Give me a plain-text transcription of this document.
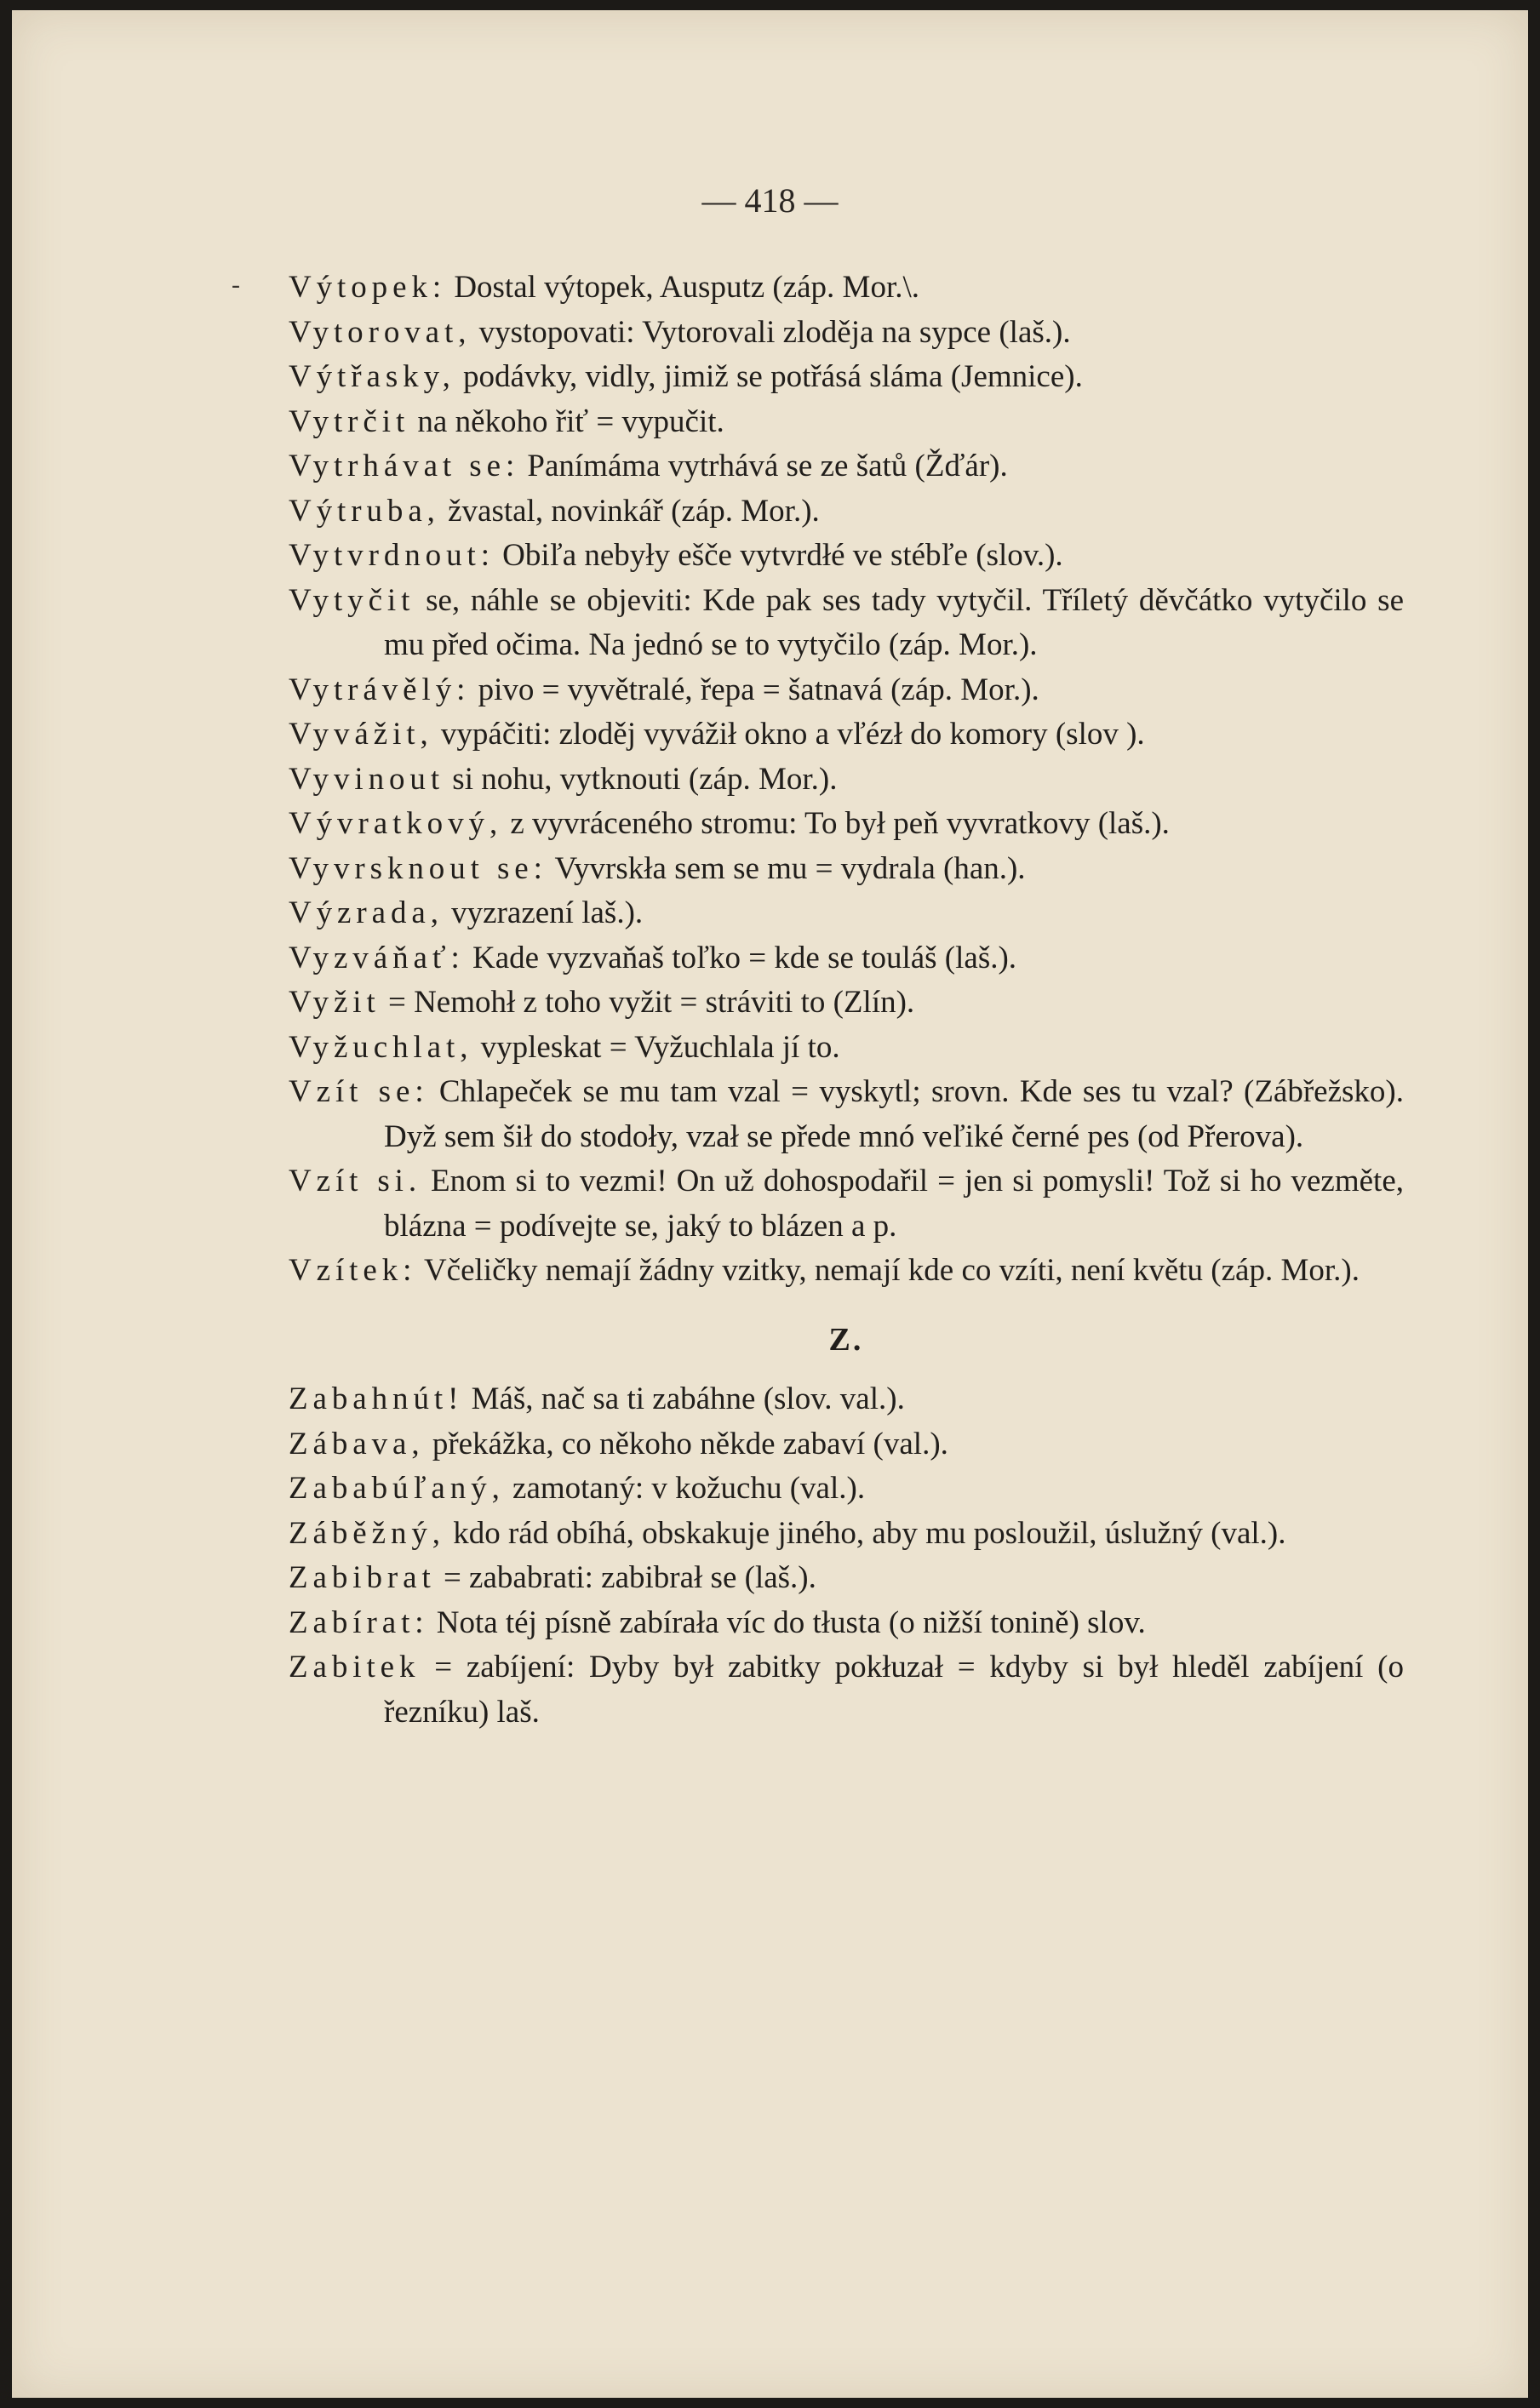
— 418 —
- Výtopek: Dostal výtopek, Ausputz (záp. Mor.\.

Vytorovat, vystopovati: Vytorovali zloděja na sypce (laš.).

Výtřasky, podávky, vidly, jimiž se potřásá sláma (Jemnice).

Vytrčit na někoho řiť = vypučit.

Vytrhávat se: Panímáma vytrhává se ze šatů (Žďár).

Výtruba, žvastal, novinkář (záp. Mor.).

Vytvrdnout: Obiľa nebyły ešče vytvrdłé ve stébľe (slov.).

Vytyčit se, náhle se objeviti: Kde pak ses tady vytyčil. Tříletý děvčátko vytyčilo se mu před očima. Na jednó se to vytyčilo (záp. Mor.).

Vytrávělý: pivo = vyvětralé, řepa = šatnavá (záp. Mor.).

Vyvážit, vypáčiti: zloděj vyvážił okno a vľézł do komory (slov ).

Vyvinout si nohu, vytknouti (záp. Mor.).

Vývratkový, z vyvráceného stromu: To był peň vyvratkovy (laš.).

Vyvrsknout se: Vyvrskła sem se mu = vydrala (han.).

Výzrada, vyzrazení laš.).

Vyzváňať: Kade vyzvaňaš toľko = kde se touláš (laš.).

Vyžit = Nemohł z toho vyžit = stráviti to (Zlín).

Vyžuchlat, vypleskat = Vyžuchlala jí to.

Vzít se: Chlapeček se mu tam vzal = vyskytl; srovn. Kde ses tu vzal? (Zábřežsko). Dyž sem šił do stodoły, vzał se přede mnó veľiké černé pes (od Přerova).

Vzít si. Enom si to vezmi! On už dohospodařil = jen si pomysli! Tož si ho vezměte, blázna = podívejte se, jaký to blázen a p.

Vzítek: Včeličky nemají žádny vzitky, nemají kde co vzíti, není květu (záp. Mor.).

Z.

Zabahnút! Máš, nač sa ti zabáhne (slov. val.).

Zábava, překážka, co někoho někde zabaví (val.).

Zababúľaný, zamotaný: v kožuchu (val.).

Záběžný, kdo rád obíhá, obskakuje jiného, aby mu posloužil, úslužný (val.).

Zabibrat = zababrati: zabibrał se (laš.).

Zabírat: Nota téj písně zabírała víc do tłusta (o nižší tonině) slov.

Zabitek = zabíjení: Dyby był zabitky pokłuzał = kdyby si był hleděl zabíjení (o řezníku) laš.
